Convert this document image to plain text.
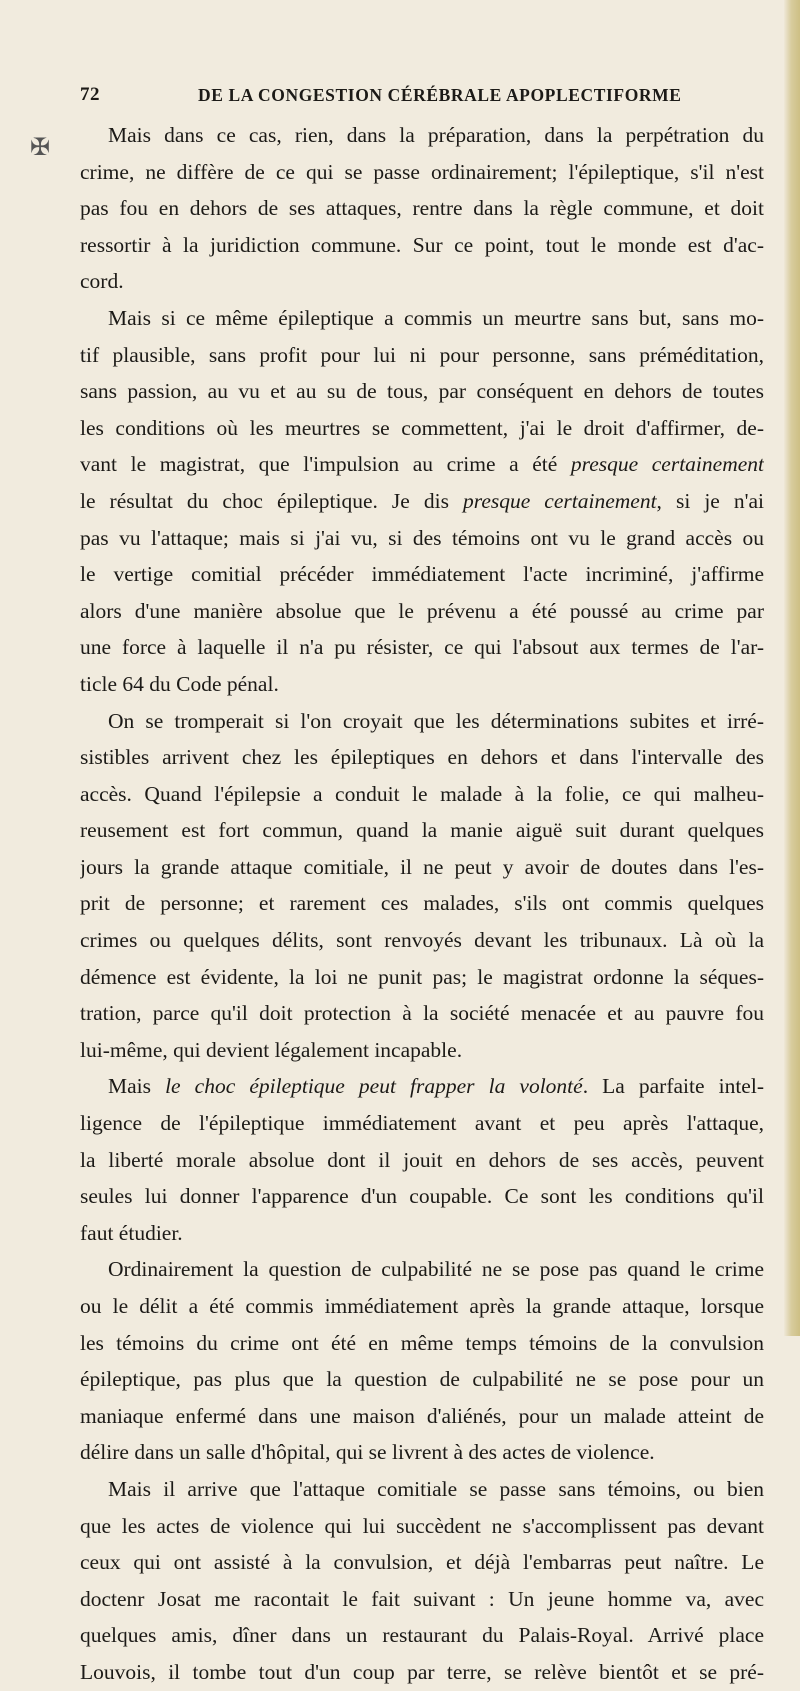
72	DE LA CONGESTION CÉRÉBRALE APOPLECTIFORME
✠	Mais dans ce cas, rien, dans la préparation, dans la perpétration du
crime, ne diffère de ce qui se passe ordinairement; l'épileptique, s'il n'est
pas fou en dehors de ses attaques, rentre dans la règle commune, et doit
ressortir à la juridiction commune. Sur ce point, tout le monde est d'ac-
cord.
Mais si ce même épileptique a commis un meurtre sans but, sans mo-
tif plausible, sans profit pour lui ni pour personne, sans préméditation,
sans passion, au vu et au su de tous, par conséquent en dehors de toutes
les conditions où les meurtres se commettent, j'ai le droit d'affirmer, de-
vant le magistrat, que l'impulsion au crime a été presque certainement
le résultat du choc épileptique. Je dis presque certainement, si je n'ai
pas vu l'attaque; mais si j'ai vu, si des témoins ont vu le grand accès ou
le vertige comitial précéder immédiatement l'acte incriminé, j'affirme
alors d'une manière absolue que le prévenu a été poussé au crime par
une force à laquelle il n'a pu résister, ce qui l'absout aux termes de l'ar-
ticle 64 du Code pénal.
On se tromperait si l'on croyait que les déterminations subites et irré-
sistibles arrivent chez les épileptiques en dehors et dans l'intervalle des
accès. Quand l'épilepsie a conduit le malade à la folie, ce qui malheu-
reusement est fort commun, quand la manie aiguë suit durant quelques
jours la grande attaque comitiale, il ne peut y avoir de doutes dans l'es-
prit de personne; et rarement ces malades, s'ils ont commis quelques
crimes ou quelques délits, sont renvoyés devant les tribunaux. Là où la
démence est évidente, la loi ne punit pas; le magistrat ordonne la séques-
tration, parce qu'il doit protection à la société menacée et au pauvre fou
lui-même, qui devient légalement incapable.
Mais le choc épileptique peut frapper la volonté. La parfaite intel-
ligence de l'épileptique immédiatement avant et peu après l'attaque,
la liberté morale absolue dont il jouit en dehors de ses accès, peuvent
seules lui donner l'apparence d'un coupable. Ce sont les conditions qu'il
faut étudier.
Ordinairement la question de culpabilité ne se pose pas quand le crime
ou le délit a été commis immédiatement après la grande attaque, lorsque
les témoins du crime ont été en même temps témoins de la convulsion
épileptique, pas plus que la question de culpabilité ne se pose pour un
maniaque enfermé dans une maison d'aliénés, pour un malade atteint de
délire dans un salle d'hôpital, qui se livrent à des actes de violence.
Mais il arrive que l'attaque comitiale se passe sans témoins, ou bien
que les actes de violence qui lui succèdent ne s'accomplissent pas devant
ceux qui ont assisté à la convulsion, et déjà l'embarras peut naître. Le
doctenr Josat me racontait le fait suivant : Un jeune homme va, avec
quelques amis, dîner dans un restaurant du Palais-Royal. Arrivé place
Louvois, il tombe tout d'un coup par terre, se relève bientôt et se pré-
